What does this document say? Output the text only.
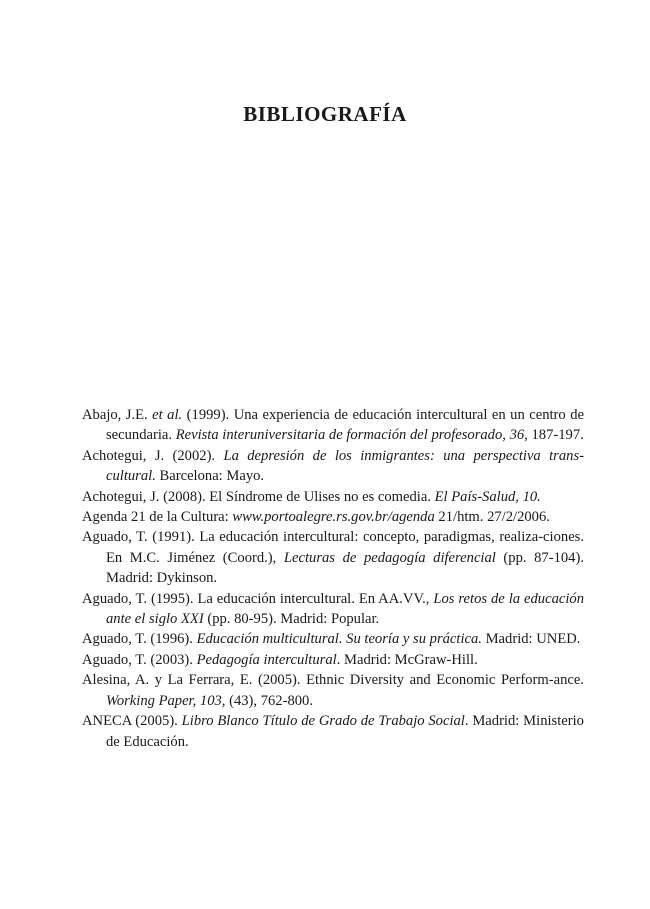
BIBLIOGRAFÍA
Abajo, J.E. et al. (1999). Una experiencia de educación intercultural en un centro de secundaria. Revista interuniversitaria de formación del profesorado, 36, 187-197.
Achotegui, J. (2002). La depresión de los inmigrantes: una perspectiva trans-cultural. Barcelona: Mayo.
Achotegui, J. (2008). El Síndrome de Ulises no es comedia. El País-Salud, 10.
Agenda 21 de la Cultura: www.portoalegre.rs.gov.br/agenda 21/htm. 27/2/2006.
Aguado, T. (1991). La educación intercultural: concepto, paradigmas, realiza-ciones. En M.C. Jiménez (Coord.), Lecturas de pedagogía diferencial (pp. 87-104). Madrid: Dykinson.
Aguado, T. (1995). La educación intercultural. En AA.VV., Los retos de la educación ante el siglo XXI (pp. 80-95). Madrid: Popular.
Aguado, T. (1996). Educación multicultural. Su teoría y su práctica. Madrid: UNED.
Aguado, T. (2003). Pedagogía intercultural. Madrid: McGraw-Hill.
Alesina, A. y La Ferrara, E. (2005). Ethnic Diversity and Economic Perform-ance. Working Paper, 103, (43), 762-800.
ANECA (2005). Libro Blanco Título de Grado de Trabajo Social. Madrid: Ministerio de Educación.
